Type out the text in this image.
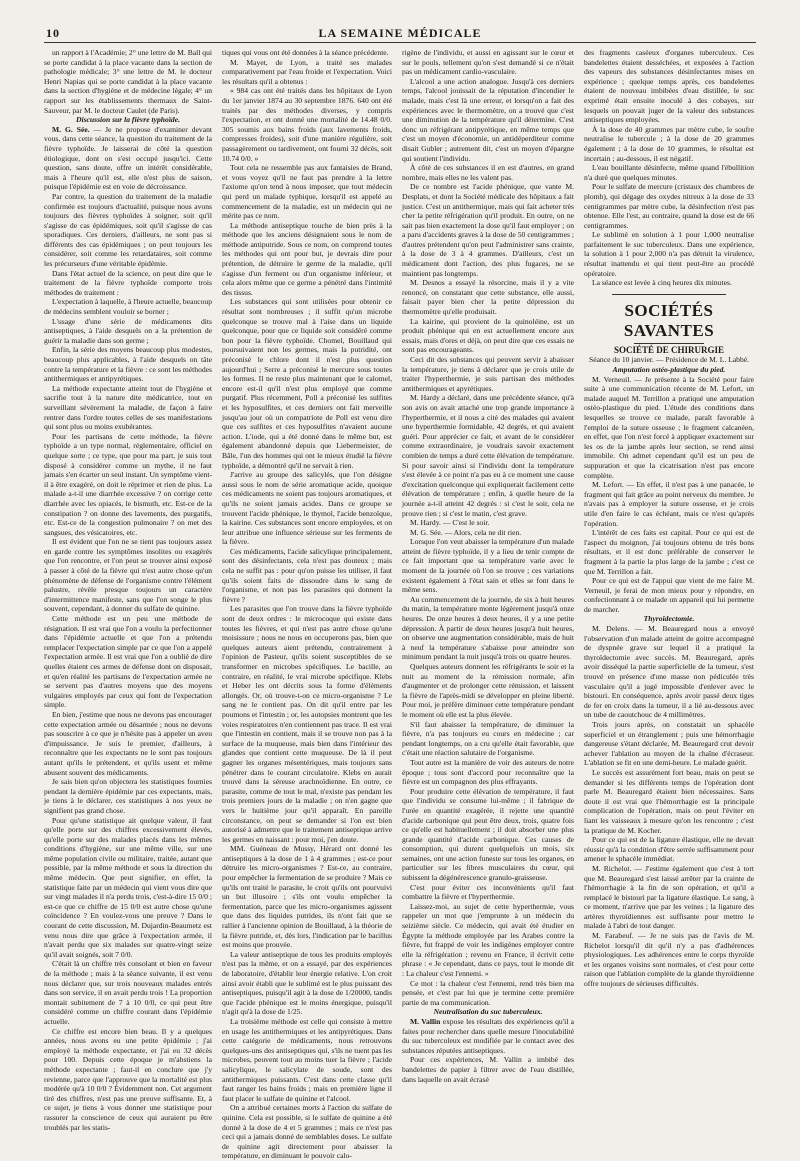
10	LA SEMAINE MÉDICALE

un rapport à l'Académie; 2° une lettre de M. Ball qui se porte candidat à la place vacante dans la section de pathologie médicale; 3° une lettre de M. le docteur Henri Napias qui se porte candidat à la place vacante dans la section d'hygiène et de médecine légale; 4° un rapport sur les établissements thermaux de Saint-Sauveur, par M. le docteur Caulet (de Paris).

Discussion sur la fièvre typhoïde.

M. G. Sée. — Je ne propose d'examiner devant vous, dans cette séance, la question du traitement de la fièvre typhoïde. Je laisserai de côté la question étiologique, dont on s'est occupé jusqu'ici. Cette question, sans doute, offre un intérêt considérable, mais à l'heure qu'il est, elle n'est plus de saison, puisque l'épidémie est en voie de décroissance.

Par contre, la question du traitement de la maladie confirmée est toujours d'actualité, puisque nous avons toujours des fièvres typhoïdes à soigner, soit qu'il s'agisse de cas épidémiques, soit qu'il s'agisse de cas sporadiques. Ces derniers, d'ailleurs, ne sont pas si différents des cas épidémiques ; on peut toujours les considérer, soit comme les retardataires, soit comme les précurseurs d'une véritable épidémie.

Dans l'état actuel de la science, on peut dire que le traitement de la fièvre typhoïde comporte trois méthodes de traitement :

L'expectation à laquelle, à l'heure actuelle, beaucoup de médecins semblent vouloir se borner ;

L'usage d'une série de médicaments dits antiseptiques, à l'aide desquels on a la prétention de guérir la maladie dans son germe ;

Enfin, la série des moyens beaucoup plus modestes, beaucoup plus applicables, à l'aide desquels on tâte contre la température et la fièvre : ce sont les méthodes antithermiques et antipyrétiques.

La méthode expectante atteint tout de l'hygiène et sacrifie tout à la nature dite médicatrice, tout en surveillant sévèrement la maladie, de façon à faire rentrer dans l'ordre toutes celles de ses manifestations qui sont plus ou moins exubérantes.

Pour les partisans de cette méthode, la fièvre typhoïde a un type normal, réglementaire, officiel en quelque sorte ; ce type, que pour ma part, je suis tout disposé à considérer comme un mythe, il ne faut jamais s'en écarter un seul instant. Un symptôme vient-il à être exagéré, on doit le réprimer et rien de plus. La malade a-t-il une diarrhée excessive ? on corrige cette diarrhée avec les opiacés, le bismuth, etc. Est-ce de la constipation ? on donne des lavements, des purgatifs, etc. Est-ce de la congestion pulmonaire ? on met des sangsues, des vésicatoires, etc.

Il est évident que l'on ne se tient pas toujours assez en garde contre les symptômes insolites ou exagérés que l'on rencontre, et l'on peut se trouver ainsi exposé à passer à côté de la fièvre qui n'est autre chose qu'un phénomène de défense de l'organisme contre l'élément palustre, révèle presque toujours un caractère d'intermittence manifeste, sans que l'on songe le plus souvent, cependant, à donner du sulfate de quinine.

Cette méthode est un peu une méthode de résignation. Il est vrai que l'on a voulu la perfectionner dans l'épidémie actuelle et que l'on a prétendu remplacer l'expectation simple par ce que l'on a appelé l'expectation armée. Il est vrai que l'on a oublié de dire quelles étaient ces armes de défense dont on disposait, et qu'en réalité les partisans de l'expectation armée ne se servent pas d'autres moyens que des moyens vulgaires employés par ceux qui font de l'expectation simple.

En bien, j'estime que nous ne devons pas encourager cette expectation armée ou désarmée ; nous ne devons pas souscrire à ce que je n'hésite pas à appeler un aveu d'impuissance. Je suis le premier, d'ailleurs, à reconnaître que les expectants ne le sont pas toujours autant qu'ils le prétendent, et qu'ils usent et même abusent souvent des médicaments.

Je sais bien qu'on objectera les statistiques fournies pendant la dernière épidémie par ces expectants, mais, je tiens à le déclarer, ces statistiques à nos yeux ne signifient pas grand chose.

Pour qu'une statistique ait quelque valeur, il faut qu'elle porte sur des chiffres excessivement élevés, qu'elle porte sur des malades placés dans les mêmes conditions d'hygiène, sur une même ville, sur une même population civile ou militaire, traitée, autant que possible, par la même méthode et sous la direction du même médecin. Que peut signifier, en effet, la statistique faite par un médecin qui vient vous dire que sur vingt malades il n'a perdu trois, c'est-à-dire 15 0/0 ; est-ce que ce chiffre de 15 0/0 est autre chose qu'une coïncidence ? En voulez-vous une preuve ? Dans le courant de cette discussion, M. Dujardin-Beaumetz est venu nous dire que grâce à l'expectation armée, il n'avait perdu que six malades sur quatre-vingt seize qu'il avait soignés, soit 7 0/0.

C'était là un chiffre très consolant et bien en faveur de la méthode ; mais à la séance suivante, il est venu nous déclarer que, sur trois nouveaux malades entrés dans son service, il en avait perdu trois ! La proportion montait subitement de 7 à 10 0/0, ce qui peut être considéré comme un chiffre courant dans l'épidémie actuelle.

Ce chiffre est encore bien beau. Il y a quelques années, nous avons eu une petite épidémie ; j'ai employé la méthode expectante, et j'ai eu 32 décès pour 100. Depuis cette époque je m'abstiens la méthode expectante ; faut-il en conclure que j'y revienne, parce que l'approuve que la mortalité est plus modérée qu'à 10 0/0 ? Évidemment non. Cet argument tiré des chiffres, n'est pas une preuve suffisante. Et, à ce sujet, je tiens à vous donner une statistique pour rassurer la conscience de ceux qui auraient pu être troublés par les statis-

tiques qui vous ont été données à la séance précédente.

M. Mayet, de Lyon, a traité ses malades comparativement par l'eau froide et l'expectation. Voici les résultats qu'il a obtenus :

« 984 cas ont été traités dans les hôpitaux de Lyon du 1er janvier 1874 au 30 septembre 1876. 640 ont été traités par des méthodes diverses, y compris l'expectation, et ont donné une mortalité de 14.48 0/0. 305 soumis aux bains froids (aux lavements froids, compresses froides), soit d'une manière régulière, soit passagèrement ou tardivement, ont fourni 32 décès, soit 10.74 0/0. »

Tout cela ne ressemble pas aux fantaisies de Brand, et vous voyez qu'il ne faut pas prendre à la lettre l'axiome qu'on tend à nous imposer, que tout médecin qui perd un malade typhique, lorsqu'il est appelé au commencement de la maladie, est un médecin qui ne mérite pas ce nom.

La méthode antiseptique touche de bien près à la méthode que les anciens désignaient sous le nom de méthode antiputride. Sous ce nom, on comprend toutes les méthodes qui ont pour but, je devrais dire pour prétention, de détruire le germe de la maladie, qu'il s'agisse d'un ferment ou d'un organisme inférieur, et cela alors même que ce germe a pénétré dans l'intimité des tissus.

Les substances qui sont utilisées pour obtenir ce résultat sont nombreuses ; il suffit qu'un microbe quelconque se trouve mal à l'aise dans un liquide quelconque, pour que ce liquide soit considéré comme bon pour la fièvre typhoïde. Chomel, Bouillaud qui poursuivaient non les germes, mais la putridité, ont préconisé le chlore dont il n'est plus question aujourd'hui ; Serre a préconisé le mercure sous toutes les formes. Il ne reste plus maintenant que le calomel, encore est-il qu'il n'est plus employé que comme purgatif. Plus récemment, Poll a préconisé les sulfites et les hyposulfites, et ces derniers ont fait merveille jusqu'au jour où un compatriote de Poll est venu dire que ces sulfites et ces hyposulfites n'avaient aucune action. L'iode, qui a été donné dans le même but, est également abandonné depuis que Liebermeister, de Bâle, l'un des hommes qui ont le mieux étudié la fièvre typhoïde, a démontré qu'il ne servait à rien.

J'arrive au groupe des salicylés, que l'on désigne aussi sous le nom de série aromatique acide, quoique ces médicaments ne soient pas toujours aromatiques, et qu'ils ne soient jamais acides. Dans ce groupe se trouvent l'acide phénique, le thymol, l'acide benzoïque, la kairine. Ces substances sont encore employées, et on leur attribue une influence sérieuse sur les ferments de la fièvre.

Ces médicaments, l'acide salicylique principalement, sont des désinfectants, cela n'est pas douteux ; mais cela ne suffit pas : pour qu'on puisse les utiliser, il faut qu'ils soient faits de dissoudre dans le sang de l'organisme, et non pas les parasites qui donnent la fièvre ?

Les parasites que l'on trouve dans la fièvre typhoïde sont de deux ordres : le microcoque qui existe dans toutes les fièvres, et qui n'est pas autre chose qu'une moisissure ; nous ne nous en occuperons pas, bien que quelques auteurs aient prétendu, contrairement à l'opinion de Pasteur, qu'ils soient susceptibles de se transformer en microbes spécifiques. Le bacille, au contraire, en réalité, le vrai microbe spécifique. Klebs et Heber les ont décrits sous la forme d'éléments allongés. Or, où trouve-t-on ce micro-organisme ? Le sang ne le contient pas. On dit qu'il entre par les poumons et l'intestin ; or, les autopsies montrent que les voies respiratoires n'en contiennent pas trace. Il est vrai que l'intestin en contient, mais il se trouve non pas à la surface de la muqueuse, mais bien dans l'intérieur des glandes que contient cette muqueuse. De là il peut gagner les organes mésentériques, mais toujours sans pénétrer dans le courant circulatoire. Klebs en aurait trouvé dans la séreuse arachnoïdienne. En outre, ce parasite, comme de tout le mal, n'existe pas pendant les trois premiers jours de la maladie ; on n'en gagne que vers le huitième jour qu'il apparaît. En pareille circonstance, on peut se demander si l'on est bien autorisé à admettre que le traitement antiseptique arrive les germes en naissant : pour moi, j'en doute.

MM. Guéneau de Mussy, Hérard ont donné les antiseptiques à la dose de 1 à 4 grammes ; est-ce pour détruire les micro-organismes ? Est-ce, au contraire, pour empêcher la fermentation de se produire ? Mais ce qu'ils ont traité le parasite, le croit qu'ils ont pourvuivi un but illusoire ; s'ils ont voulu empêcher la fermentation, parce que les micro-organismes agissent que dans des liquides putrides, ils n'ont fait que se rallier à l'ancienne opinion de Bouillaud, à la théorie de la fièvre putride, et, dès lors, l'indication par le bacillus est moins que prouvée.

La valeur antiseptique de tous les produits employés n'est pas la même, et on a essayé, par des expériences de laboratoire, d'établir leur énergie relative. L'on croit ainsi avoir établi que le sublimé est le plus puissant des antiseptiques, puisqu'il agit à la dose de 1/20000, tandis que l'acide phénique est le moins énergique, puisqu'il n'agit qu'à la dose de 1/25.

La troisième méthode est celle qui consiste à mettre en usage les antithermiques et les antipyrétiques. Dans cette catégorie de médicaments, nous retrouvons quelques-uns des antiseptiques qui, s'ils ne tuent pas les microbes, peuvent tout au moins tuer la fièvre ; l'acide salicylique, le salicylate de soude, sont des antithermiques puissants. C'est dans cette classe qu'il faut ranger les bains froids ; mais en première ligne il faut placer le sulfate de quinine et l'alcool.

On a attribué certaines morts à l'action du sulfate de quinine. Cela est possible, si le sulfate de quinine a été donné à la dose de 4 et 5 grammes ; mais ce n'est pas ceci qui a jamais donné de semblables doses. Le sulfate de quinine agit directement pour abaisser la température, en diminuant le pouvoir calo-

rigène de l'individu, et aussi en agissant sur le cœur et sur le pouls, tellement qu'on s'est demandé si ce n'était pas un médicament cardio-vasculaire.

L'alcool a une action analogue. Jusqu'à ces derniers temps, l'alcool jouissait de la réputation d'incendier le malade, mais c'est là une erreur, et lorsqu'on a fait des expériences avec le thermomètre, on a trouvé que c'est une diminution de la température qu'il détermine. C'est donc un réfrigérant antipyrétique, en même temps que c'est un moyen d'économie, un antidéperditeur comme disait Gubler ; autrement dit, c'est un moyen d'épargne qui soutient l'individu.

À côté de ces substances il en est d'autres, en grand nombre, mais elles ne les valent pas.

De ce nombre est l'acide phénique, que vante M. Desplats, et dont la Société médicale des hôpitaux a fait justice. C'est un antithermique, mais qui fait acheter très cher la petite réfrigération qu'il produit. En outre, on ne sait pas bien exactement la dose qu'il faut employer ; on a paru d'accidents graves à la dose de 50 centigrammes ; d'autres prétendent qu'on peut l'administrer sans crainte, à la dose de 3 à 4 grammes. D'ailleurs, c'est un médicament dont l'action, des plus fugaces, ne se maintient pas longtemps.

M. Desnos a essayé la résorcine, mais il y a vite renoncé, on constatant que cette substance, elle aussi, faisait payer bien cher la petite dépression du thermomètre qu'elle produisait.

La kairine, qui provient de la quinoléine, est un produit phénique qui en est actuellement encore aux essais, mais d'ores et déjà, on peut dire que ces essais ne sont pas encourageants.

Ceci dit des substances qui peuvent servir à abaisser la température, je tiens à déclarer que je crois utile de traiter l'hyperthermie, je suis partisan des méthodes antithermiques et apyrétiques.

M. Hardy a déclaré, dans une précédente séance, qu'à son avis on avait attaché une trop grande importance à l'hyperthermie, et il nous a cité des malades qui avaient une hyperthermie formidable, 42 degrés, et qui avaient guéri. Pour apprécier ce fait, et avant de le considérer comme extraordinaire, je voudrais savoir exactement combien de temps a duré cette élévation de température. Si pour savoir ainsi si l'individu dont la température s'est élevée à ce point n'a pas eu à ce moment une cause d'excitation quelconque qui expliquerait facilement cette élévation de température ; enfin, à quelle heure de la journée a-t-il atteint 42 degrés : si c'est le soir, cela ne prouve rien ; si c'est le matin, c'est grave.

M. Hardy. — C'est le soir.

M. G. Sée. — Alors, cela ne dit rien.

Lorsque l'on veut abaisser la température d'un malade atteint de fièvre typhoïde, il y a lieu de tenir compte de ce fait important que sa température varie avec le moment de la journée où l'on se trouve ; ces variations existent également à l'état sain et elles se font dans le même sens.

Au commencement de la journée, de six à huit heures du matin, la température monte légèrement jusqu'à onze heures. De onze heures à deux heures, il y a une petite dépression. À partir de deux heures jusqu'à huit heures, on observe une augmentation considérable, mais de huit à neuf la température s'abaisse pour atteindre son minimum pendant la nuit jusqu'à trois ou quatre heures.

Quelques auteurs donnent les réfrigérants le soir et la nuit au moment de la rémission normale, afin d'augmenter et de prolonger cette rémission, et laissent la fièvre de l'après-midi se développer en pleine liberté. Pour moi, je préfère diminuer cette température pendant le moment où elle est la plus élevée.

S'il faut abaisser la température, de diminuer la fièvre, n'a pas toujours eu cours en médecine ; car pendant longtemps, on a cru qu'elle était favorable, que c'était une réaction salutaire de l'organisme.

Tout autre est la manière de voir des auteurs de notre époque ; tous sont d'accord pour reconnaître que la fièvre est un compagnon des plus effrayants.

Pour produire cette élévation de température, il faut que l'individu se consume lui-même ; il fabrique de l'urée en quantité exagérée, il rejette une quantité d'acide carbonique qui peut être deux, trois, quatre fois ce qu'elle est habituellement ; il doit absorber une plus grande quantité d'acide carbonique. Ces causes de consomption, qui durent quelquefois un mois, six semaines, ont une action funeste sur tous les organes, en particulier sur les fibres musculaires du cœur, qui subissent la dégénérescence granulo-graisseuse.

C'est pour éviter ces inconvénients qu'il faut combattre la fièvre et l'hyperthermie.

Laissez-moi, au sujet de cette hyperthermie, vous rappeler un mot que j'emprunte à un médecin du seizième siècle. Ce médecin, qui avait été étudier en Égypte la méthode employée par les Arabes contre la fièvre, fut frappé de voir les indigènes employer contre elle la réfrigération ; revenu en France, il écrivit cette phrase : « Je cependant, dans ce pays, tout le monde dit : La chaleur c'est l'ennemi. »

Ce mot : la chaleur c'est l'ennemi, rend très bien ma pensée, et c'est par lui que je termine cette première partie de ma communication.

Neutralisation du suc tuberculeux.

M. Vallin expose les résultats des expériences qu'il a faites pour rechercher dans quelle mesure l'inoculabilité du suc tuberculeux est modifiée par le contact avec des substances réputées antiseptiques.

Pour ces expériences, M. Vallin a imbibé des bandelettes de papier à filtrer avec de l'eau distillée, dans laquelle on avait écrasé

des fragments caséeux d'organes tuberculeux. Ces bandelettes étaient desséchées, et exposées à l'action des vapeurs des substances désinfectantes mises en expérience ; quelque temps après, ces bandelettes étaient de nouveau imbibées d'eau distillée, le suc exprimé était ensuite inoculé à des cobayes, sur lesquels on pouvait juger de la valeur des substances antiseptiques employées.

À la dose de 40 grammes par mètre cube, le soufre neutralise le tubercule ; à la dose de 20 grammes également ; à la dose de 10 grammes, le résultat est incertain ; au-dessous, il est négatif.

L'eau bouillante désinfecte, même quand l'ébullition n'a duré que quelques minutes.

Pour le sulfate de mercure (cristaux des chambres de plomb), qui dégage des oxydes nitreux à la dose de 33 centigrammes par mètre cube, la désinfection n'est pas obtenue. Elle l'est, au contraire, quand la dose est de 66 centigrammes.

Le sublimé en solution à 1 pour 1,000 neutralise parfaitement le suc tuberculeux. Dans une expérience, la solution à 1 pour 2,000 n'a pas détruit la virulence, résultat inattendu et qui tient peut-être au procédé opératoire.

La séance est levée à cinq heures dix minutes.

SOCIÉTÉS SAVANTES

SOCIÉTÉ DE CHIRURGIE

Séance du 10 janvier. — Présidence de M. L. Labbé.

Amputation ostéo-plastique du pied.

M. Verneuil. — Je présente à la Société pour faire suite à une communication récente de M. Lefort, un malade auquel M. Terrillon a pratiqué une amputation ostéo-plastique du pied. L'étude des conditions dans lesquelles se trouve ce malade, paraît favorable à l'emploi de la suture osseuse ; le fragment calcanéen, en effet, que l'on n'est forcé à appliquer exactement sur les os de la jambe après leur section, se rend ainsi immobile. On admet cependant qu'il est un peu de suppuration et que la cicatrisation n'est pas encore complète.

M. Lefort. — En effet, il n'est pas à une panacée, le fragment qui fait grâce au point nerveux du membre. Je n'avais pas à employer la suture osseuse, et je crois utile d'en faire le cas échéant, mais ce n'est qu'après l'opération.

L'intérêt de ces faits est capital. Pour ce qui est de l'aspect du moignon, j'ai toujours obtenu de très bons résultats, et il est donc préférable de conserver le fragment à la partie la plus large de la jambe ; c'est ce que M. Terrillon a fait.

Pour ce qui est de l'appui que vient de me faire M. Verneuil, je ferai de mon mieux pour y répondre, en confectionnant à ce malade un appareil qui lui permette de marcher.

Thyroïdectomie.

M. Delens. — M. Beauregard nous a envoyé l'observation d'un malade atteint de goitre accompagné de dyspnée grave sur lequel il a pratiqué la thyroïdectomie avec succès. M. Beauregard, après avoir disséqué la partie superficielle de la tumeur, s'est trouvé en présence d'une masse non pédiculée très vasculaire qu'il a jugé impossible d'enlever avec le bistouri. En conséquence, après avoir passé deux tiges de fer en croix dans la tumeur, il a lié au-dessous avec un tube de caoutchouc de 4 millimètres.

Trois jours après, on constatait un sphacèle superficiel et un étranglement ; puis une hémorrhagie dangereuse s'étant déclarée, M. Beauregard crut devoir achever l'ablation au moyen de la chaîne d'écraseur. L'ablation se fit en une demi-heure. Le malade guérit.

Le succès est assurément fort beau, mais on peut se demander si les différents temps de l'opération dont parle M. Beauregard étaient bien nécessaires. Sans doute il est vrai que l'hémorrhagie est la principale complication de l'opération, mais on peut l'éviter en liant les vaisseaux à mesure qu'on les rencontre ; c'est la pratique de M. Kocher.

Pour ce qui est de la ligature élastique, elle ne devait réussir qu'à la condition d'être serrée suffisamment pour amener le sphacèle immédiat.

M. Richelot. — J'estime également que c'est à tort que M. Beauregard s'est laissé arrêter par la crainte de l'hémorrhagie à la fin de son opération, et qu'il a remplacé le bistouri par la ligature élastique. Le sang, à ce moment, n'arrive que par les veines ; la ligature des artères thyroïdiennes est suffisante pour mettre le malade à l'abri de tout danger.

M. Farabeuf. — Je ne suis pas de l'avis de M. Richelot lorsqu'il dit qu'il n'y a pas d'adhérences physiologiques. Les adhérences entre le corps thyroïde et les organes voisins sont normales, et c'est pour cette raison que l'ablation complète de la glande thyroïdienne offre toujours de sérieuses difficultés.
